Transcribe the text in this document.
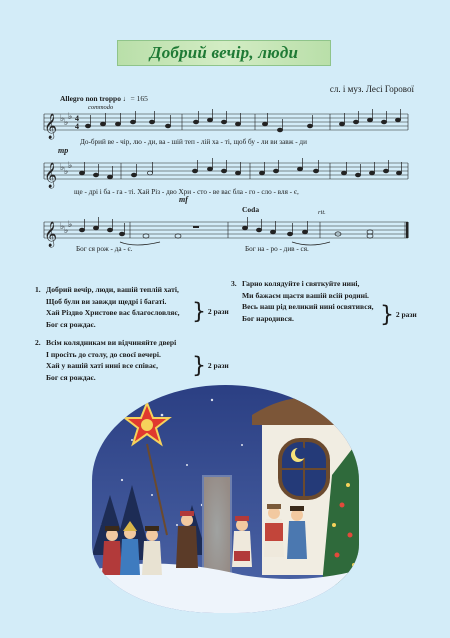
Добрий вечір, люди
сл. і муз. Лесі Горової
Allegro non troppo ♩= 165
𝄞
𝄞
𝄞
♭ ♭
♭
♭ ♭
♭
♭ ♭
♭
4
4
commodo
mp
mf
Coda	rit.
До-брий ве - чір, лю - ди, ва - шій теп - лій ха - ті, щоб бу - ли ви завж - ди
ще - дрі і ба - га - ті. Хай Різ - дво Хри - сто - ве вас бла - го - сло - вля - є,
Бог ся рож - да - є.	Бог на - ро - див - ся.
1. Добрий вечір, люди, вашій теплій хаті,
Щоб були ви завжди щедрі і багаті.
Хай Різдво Христове вас благословляє,
Бог ся рождає.	} 2 рази
2. Всім колядникам ви відчиняйте двері
І просіть до столу, до своєї вечері.
Хай у вашій хаті нині все співає,
Бог ся рождає.	} 2 рази
3. Гарно колядуйте і святкуйте нині,
Ми бажаєм щастя вашій всій родині.
Весь наш рід великий нині освятився,
Бог народився.	} 2 рази
